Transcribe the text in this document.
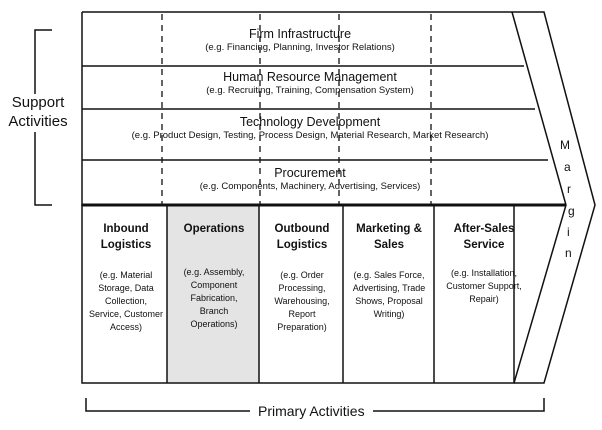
Support Activities
Firm Infrastructure
(e.g. Financing, Planning, Investor Relations)
Human Resource Management
(e.g. Recruiting, Training, Compensation System)
Technology Development
(e.g. Product Design, Testing, Process Design, Material Research, Market Research)
Procurement
(e.g. Components, Machinery, Advertising, Services)
Inbound Logistics
(e.g. Material Storage, Data Collection, Service, Customer Access)
Operations
(e.g. Assembly, Component Fabrication, Branch Operations)
Outbound Logistics
(e.g. Order Processing, Warehousing, Report Preparation)
Marketing & Sales
(e.g. Sales Force, Advertising, Trade Shows, Proposal Writing)
After-Sales Service
(e.g. Installation, Customer Support, Repair)
M
a
r
g
i
n
Primary Activities
